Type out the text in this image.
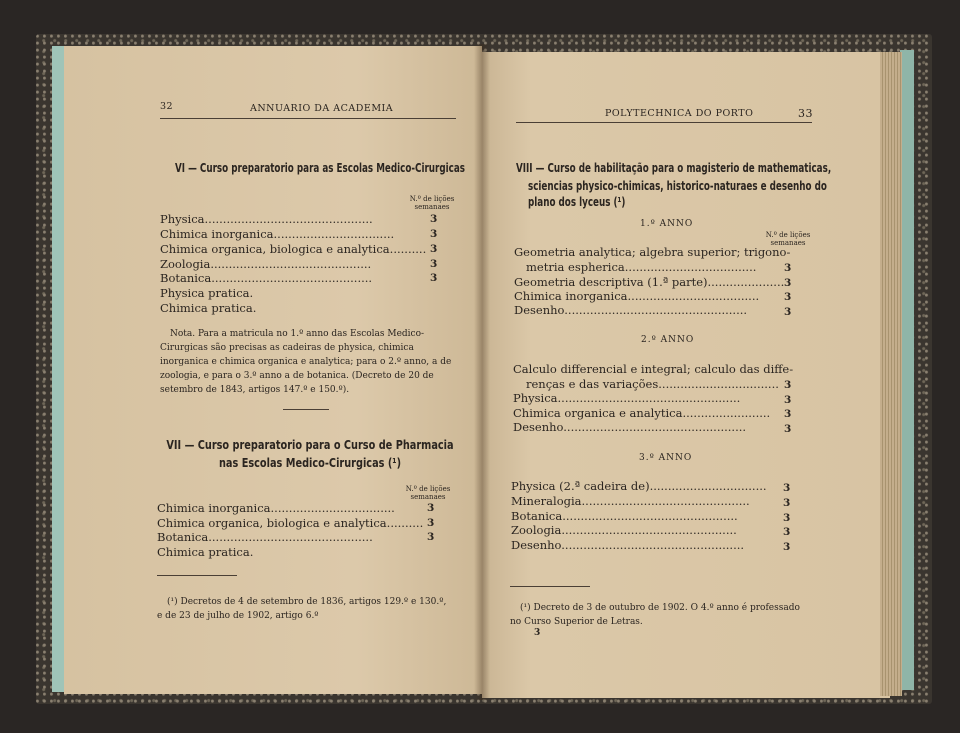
32	ANNUARIO DA ACADEMIA
VI — Curso preparatorio para as Escolas Medico-Cirurgicas
N.º de lições
semanaes
Physica..............................................	3
Chimica inorganica.................................	3
Chimica organica, biologica e analytica.......... 3
Zoologia............................................	3
Botanica............................................	3
Physica pratica.
Chimica pratica.
Nota. Para a matricula no 1.º anno das Escolas Medico-Cirurgicas são precisas as cadeiras de physica, chimica inorganica e chimica organica e analytica; para o 2.º anno, a de zoologia, e para o 3.º anno a de botanica. (Decreto de 20 de setembro de 1843, artigos 147.º e 150.º).
VII — Curso preparatorio para o Curso de Pharmacia
nas Escolas Medico-Cirurgicas (¹)
N.º de lições
semanaes
Chimica inorganica..................................	3
Chimica organica, biologica e analytica.......... 3
Botanica.............................................	3
Chimica pratica.
(¹) Decretos de 4 de setembro de 1836, artigos 129.º e 130.º, e de 23 de julho de 1902, artigo 6.º
POLYTECHNICA DO PORTO	33
VIII — Curso de habilitação para o magisterio de mathematicas,
sciencias physico-chimicas, historico-naturaes e desenho do
plano dos lyceus (¹)
1.º ANNO
N.º de lições
semanaes
Geometria analytica; algebra superior; trigono-
metria espherica....................................	3
Geometria descriptiva (1.ª parte)..................... 3
Chimica inorganica.................................... 3
Desenho..................................................	3
2.º ANNO
Calculo differencial e integral; calculo das diffe-
renças e das variações................................. 3
Physica..................................................	3
Chimica organica e analytica........................ 3
Desenho..................................................	3
3.º ANNO
Physica (2.ª cadeira de)................................ 3
Mineralogia..............................................	3
Botanica................................................	3
Zoologia................................................	3
Desenho..................................................	3
(¹) Decreto de 3 de outubro de 1902. O 4.º anno é professado no Curso Superior de Letras.
3
